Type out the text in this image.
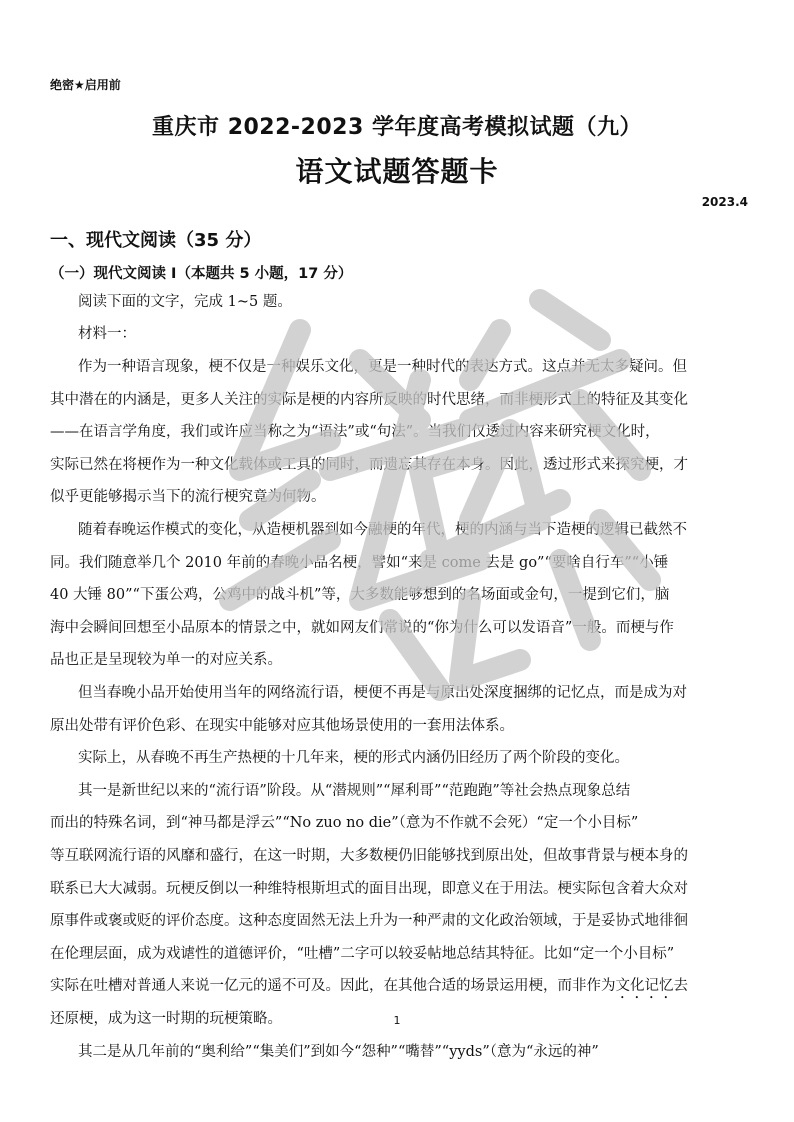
绝密★启用前
重庆市 2022-2023 学年度高考模拟试题（九）
语文试题答题卡
2023.4
一、现代文阅读（35 分）
（一）现代文阅读 I（本题共 5 小题，17 分）
阅读下面的文字，完成 1~5 题。
材料一：
作为一种语言现象，梗不仅是一种娱乐文化，更是一种时代的表达方式。这点并无太多疑问。但
其中潜在的内涵是，更多人关注的实际是梗的内容所反映的时代思绪，而非梗形式上的特征及其变化
——在语言学角度，我们或许应当称之为“语法”或“句法”。当我们仅透过内容来研究梗文化时，
实际已然在将梗作为一种文化载体或工具的同时，而遗忘其存在本身。因此，透过形式来探究梗，才
似乎更能够揭示当下的流行梗究竟为何物。
随着春晚运作模式的变化，从造梗机器到如今融梗的年代，梗的内涵与当下造梗的逻辑已截然不
同。我们随意举几个 2010 年前的春晚小品名梗，譬如“来是 come 去是 go”“要啥自行车”“小锤
40 大锤 80”“下蛋公鸡，公鸡中的战斗机”等，大多数能够想到的名场面或金句，一提到它们，脑
海中会瞬间回想至小品原本的情景之中，就如网友们常说的“你为什么可以发语音”一般。而梗与作
品也正是呈现较为单一的对应关系。
但当春晚小品开始使用当年的网络流行语，梗便不再是与原出处深度捆绑的记忆点，而是成为对
原出处带有评价色彩、在现实中能够对应其他场景使用的一套用法体系。
实际上，从春晚不再生产热梗的十几年来，梗的形式内涵仍旧经历了两个阶段的变化。
其一是新世纪以来的“流行语”阶段。从“潜规则”“犀利哥”“范跑跑”等社会热点现象总结
而出的特殊名词，到“神马都是浮云”“No zuo no die”（意为不作就不会死）“定一个小目标”
等互联网流行语的风靡和盛行，在这一时期，大多数梗仍旧能够找到原出处，但故事背景与梗本身的
联系已大大减弱。玩梗反倒以一种维特根斯坦式的面目出现，即意义在于用法。梗实际包含着大众对
原事件或褒或贬的评价态度。这种态度固然无法上升为一种严肃的文化政治领域，于是妥协式地徘徊
在伦理层面，成为戏谑性的道德评价，“吐槽”二字可以较妥帖地总结其特征。比如“定一个小目标”
实际在吐槽对普通人来说一亿元的遥不可及。因此，在其他合适的场景运用梗，而非作为文化记忆去
还原梗，成为这一时期的玩梗策略。
其二是从几年前的“奥利给”“集美们”到如今“怨种”“嘴替”“yyds”（意为“永远的神”
1
